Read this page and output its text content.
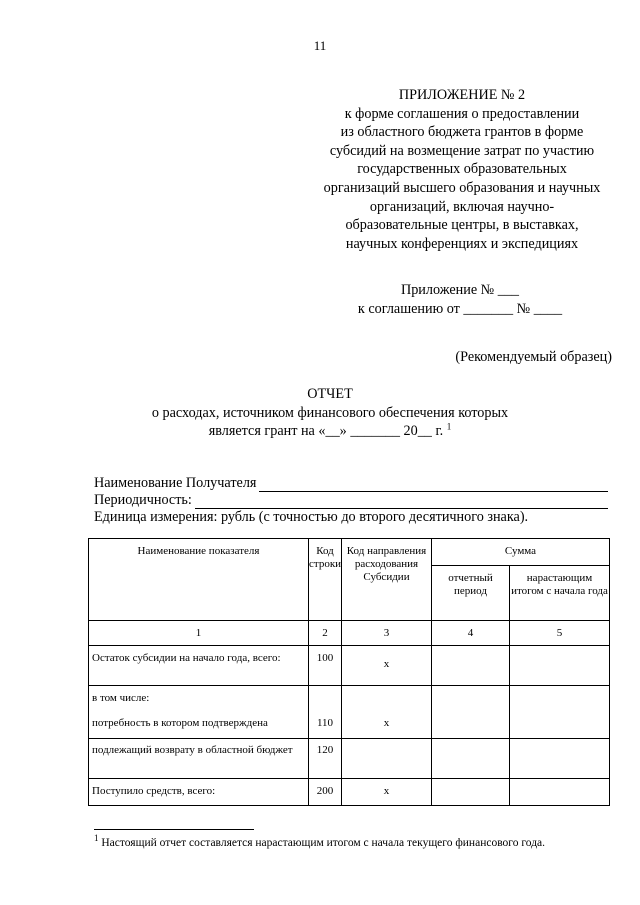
11
ПРИЛОЖЕНИЕ № 2
к форме соглашения о предоставлении
из областного бюджета грантов в форме
субсидий на возмещение затрат по участию
государственных образовательных
организаций высшего образования и научных
организаций, включая научно-
образовательные центры, в выставках,
научных конференциях и экспедициях
Приложение № ___
к соглашению от _______ № ____
(Рекомендуемый образец)
ОТЧЕТ
о расходах, источником финансового обеспечения которых
является грант на «__» _______ 20__ г. $^1$
Наименование Получателя
Периодичность:
Единица измерения: рубль (с точностью до второго десятичного знака).
Наименование показателя	Код строки	Код направления расходования Субсидии	Сумма	
			отчетный период	нарастающим итогом с начала года
1	2	3	4	5
Остаток субсидии на начало года, всего:	100	x		

в том числе:
потребность в котором подтверждена	110	x		
подлежащий возврату в областной бюджет	120			
Поступило средств, всего:	200	x		
$^1$ Настоящий отчет составляется нарастающим итогом с начала текущего финансового года.
